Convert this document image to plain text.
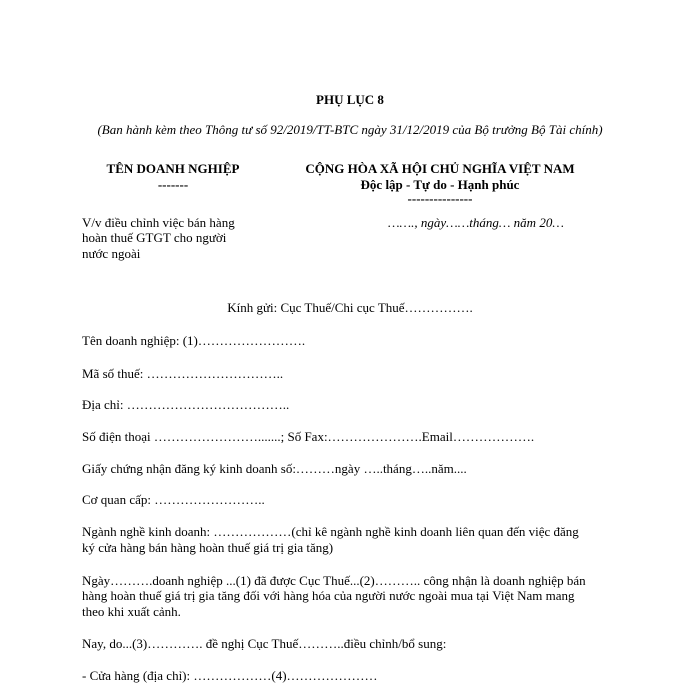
PHỤ LỤC 8
(Ban hành kèm theo Thông tư số 92/2019/TT-BTC ngày 31/12/2019 của Bộ trưởng Bộ Tài chính)
TÊN DOANH NGHIỆP
-------
V/v điều chỉnh việc bán hàng
hoàn thuế GTGT cho người
nước ngoài
CỘNG HÒA XÃ HỘI CHỦ NGHĨA VIỆT NAM
Độc lập - Tự do - Hạnh phúc
---------------
……., ngày……tháng… năm 20…
Kính gửi: Cục Thuế/Chi cục Thuế…………….
Tên doanh nghiệp: (1)…………………….
Mã số thuế: …………………………..
Địa chỉ: ………………………………..
Số điện thoại …………………….......; Số Fax:………………….Email……………….
Giấy chứng nhận đăng ký kinh doanh số:………ngày …..tháng…..năm....
Cơ quan cấp: ……………………..
Ngành nghề kinh doanh: ………………(chỉ kê ngành nghề kinh doanh liên quan đến việc đăng
ký cửa hàng bán hàng hoàn thuế giá trị gia tăng)
Ngày……….doanh nghiệp ...(1) đã được Cục Thuế...(2)……….. công nhận là doanh nghiệp bán
hàng hoàn thuế giá trị gia tăng đối với hàng hóa của người nước ngoài mua tại Việt Nam mang
theo khi xuất cảnh.
Nay, do...(3)…………. đề nghị Cục Thuế………..điều chỉnh/bổ sung:
- Cửa hàng (địa chỉ): ………………(4)…………………
